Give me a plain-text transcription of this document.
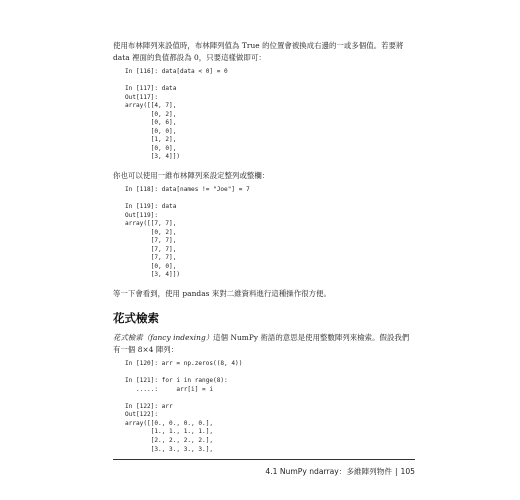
使用布林陣列來設值時，布林陣列值為 True 的位置會被換成右邊的一或多個值。若要將 data 裡面的負值都設為 0，只要這樣做即可：

In [116]: data[data < 0] = 0
In [117]: data
Out[117]:
array([[4, 7],
[0, 2],
[0, 6],
[0, 0],
[1, 2],
[0, 0],
[3, 4]])

你也可以使用一維布林陣列來設定整列或整欄：

In [118]: data[names != "Joe"] = 7
In [119]: data
Out[119]:
array([[7, 7],
[0, 2],
[7, 7],
[7, 7],
[7, 7],
[0, 0],
[3, 4]])

等一下會看到，使用 pandas 來對二維資料進行這種操作很方便。

花式檢索

花式檢索（fancy indexing）這個 NumPy 術語的意思是使用整數陣列來檢索。假設我們有一個 8×4 陣列：

In [120]: arr = np.zeros((8, 4))
In [121]: for i in range(8):
.....:     arr[i] = i
In [122]: arr
Out[122]:
array([[0., 0., 0., 0.],
[1., 1., 1., 1.],
[2., 2., 2., 2.],
[3., 3., 3., 3.],
4.1 NumPy ndarray：多維陣列物件 | 105
